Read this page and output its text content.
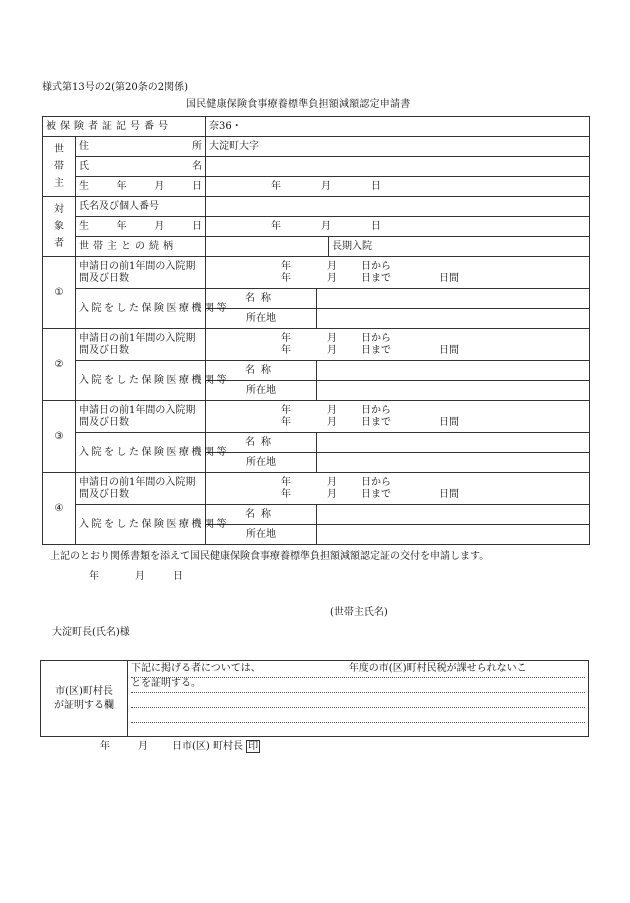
様式第13号の2(第20条の2関係)
国民健康保険食事療養標準負担額減額認定申請書
被保険者証記号番号		奈36・			

世帯主	住 所	大淀町大字			

	氏 名				

	生 年 月 日	年 月 日			

対象者	氏名及び個人番号				

	生 年 月 日	年 月 日			

世帯主との続柄			長期入院	
①	申請日の前1年間の入院期間及び日数	年 月 日から
年 月 日まで 日間			

入院をした保険医療機関等	名称			
		所在地			
②	申請日の前1年間の入院期間及び日数	年 月 日から
年 月 日まで 日間			

入院をした保険医療機関等	名称			
		所在地			
③	申請日の前1年間の入院期間及び日数	年 月 日から
年 月 日まで 日間			

入院をした保険医療機関等	名称			
		所在地			
④	申請日の前1年間の入院期間及び日数	年 月 日から
年 月 日まで 日間			

入院をした保険医療機関等	名称			
		所在地			
上記のとおり関係書類を添えて国民健康保険食事療養標準負担額減額認定証の交付を申請します。
年	月	日
(世帯主氏名)
大淀町長(氏名)様
市(区)町村長
が証明する欄

下記に掲げる者については、	年度の市(区)町村民税が課せられないこ
とを証明する。
年	月 日市(区) 町村長 印
